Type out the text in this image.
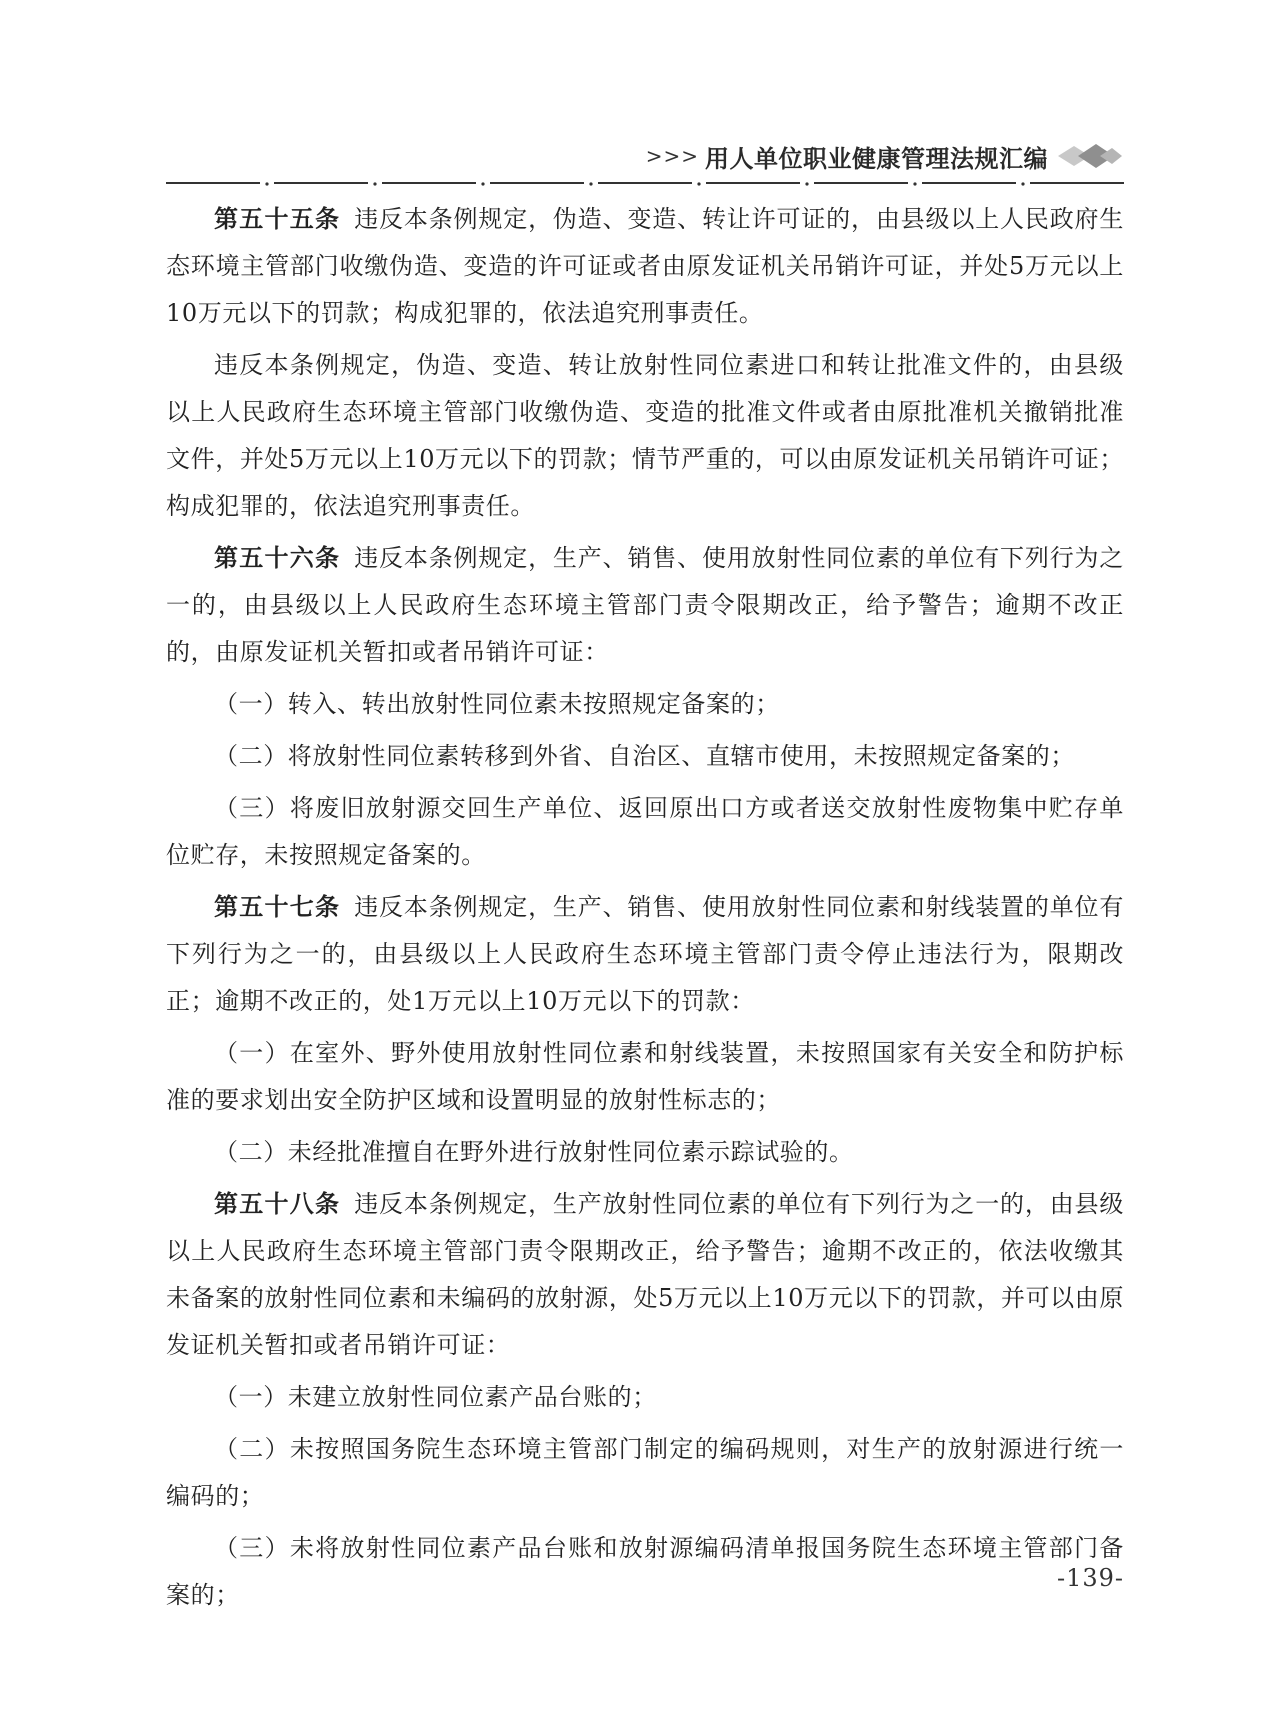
>>> 用人单位职业健康管理法规汇编

第五十五条 违反本条例规定，伪造、变造、转让许可证的，由县级以上人民政府生态环境主管部门收缴伪造、变造的许可证或者由原发证机关吊销许可证，并处5万元以上10万元以下的罚款；构成犯罪的，依法追究刑事责任。

违反本条例规定，伪造、变造、转让放射性同位素进口和转让批准文件的，由县级以上人民政府生态环境主管部门收缴伪造、变造的批准文件或者由原批准机关撤销批准文件，并处5万元以上10万元以下的罚款；情节严重的，可以由原发证机关吊销许可证；构成犯罪的，依法追究刑事责任。

第五十六条 违反本条例规定，生产、销售、使用放射性同位素的单位有下列行为之一的，由县级以上人民政府生态环境主管部门责令限期改正，给予警告；逾期不改正的，由原发证机关暂扣或者吊销许可证：

（一）转入、转出放射性同位素未按照规定备案的；

（二）将放射性同位素转移到外省、自治区、直辖市使用，未按照规定备案的；

（三）将废旧放射源交回生产单位、返回原出口方或者送交放射性废物集中贮存单位贮存，未按照规定备案的。

第五十七条 违反本条例规定，生产、销售、使用放射性同位素和射线装置的单位有下列行为之一的，由县级以上人民政府生态环境主管部门责令停止违法行为，限期改正；逾期不改正的，处1万元以上10万元以下的罚款：

（一）在室外、野外使用放射性同位素和射线装置，未按照国家有关安全和防护标准的要求划出安全防护区域和设置明显的放射性标志的；

（二）未经批准擅自在野外进行放射性同位素示踪试验的。

第五十八条 违反本条例规定，生产放射性同位素的单位有下列行为之一的，由县级以上人民政府生态环境主管部门责令限期改正，给予警告；逾期不改正的，依法收缴其未备案的放射性同位素和未编码的放射源，处5万元以上10万元以下的罚款，并可以由原发证机关暂扣或者吊销许可证：

（一）未建立放射性同位素产品台账的；

（二）未按照国务院生态环境主管部门制定的编码规则，对生产的放射源进行统一编码的；

（三）未将放射性同位素产品台账和放射源编码清单报国务院生态环境主管部门备案的；

-139-
